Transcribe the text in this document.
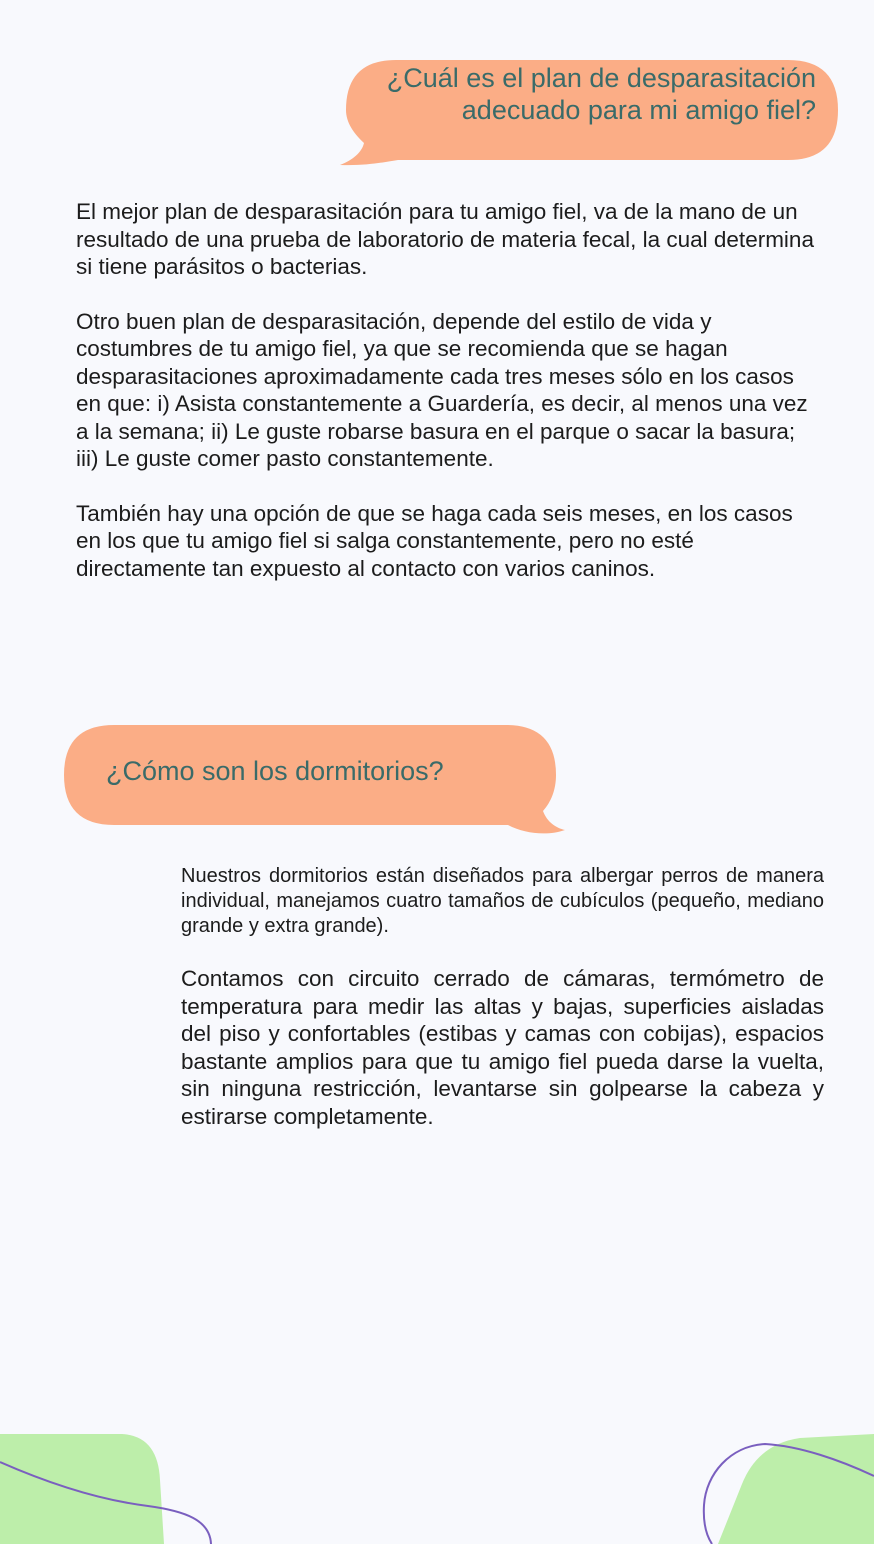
¿Cuál es el plan de desparasitación adecuado para mi amigo fiel?

El mejor plan de desparasitación para tu amigo fiel, va de la mano de un resultado de una prueba de laboratorio de materia fecal, la cual determina si tiene parásitos o bacterias.

Otro buen plan de desparasitación, depende del estilo de vida y costumbres de tu amigo fiel, ya que se recomienda que se hagan desparasitaciones aproximadamente cada tres meses sólo en los casos en que: i) Asista constantemente a Guardería, es decir, al menos una vez a la semana; ii) Le guste robarse basura en el parque o sacar la basura; iii) Le guste comer pasto constantemente.

También hay una opción de que se haga cada seis meses, en los casos en los que tu amigo fiel si salga constantemente, pero no esté directamente tan expuesto al contacto con varios caninos.

¿Cómo son los dormitorios?

Nuestros dormitorios están diseñados para albergar perros de manera individual, manejamos cuatro tamaños de cubículos (pequeño, mediano grande y extra grande).

Contamos con circuito cerrado de cámaras, termómetro de temperatura para medir las altas y bajas, superficies aisladas del piso y confortables (estibas y camas con cobijas), espacios bastante amplios para que tu amigo fiel pueda darse la vuelta, sin ninguna restricción, levantarse sin golpearse la cabeza y estirarse completamente.
